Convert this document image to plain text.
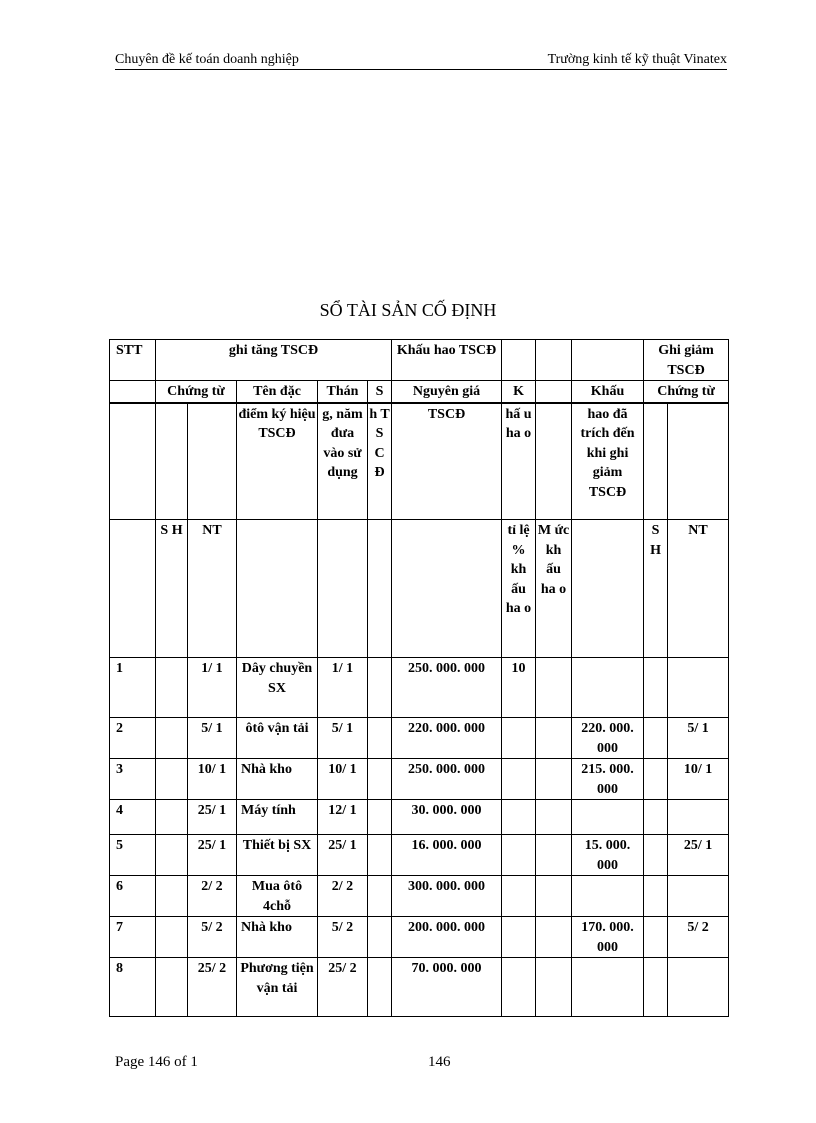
Chuyên đề kế toán doanh nghiệp	Trường kinh tế kỹ thuật Vinatex
SỔ TÀI SẢN CỐ ĐỊNH
STT	ghi tăng TSCĐ					Khấu hao TSCĐ				Ghi giảm TSCĐ	
	Chứng từ		Tên đặc	Thán	S	Nguyên giá	K		Khấu	Chứng từ	
			điểm ký hiệu TSCĐ	g, năm đưa vào sử dụng	h T S C Đ	TSCĐ	hấ u ha o		hao đã trích đến khi ghi giảm TSCĐ		
	S H	NT					tỉ lệ % kh ấu ha o	M ức kh ấu ha o		S H	NT
1		1/ 1	Dây chuyền SX	1/ 1		250. 000. 000	10				
2		5/ 1	ôtô vận tải	5/ 1		220. 000. 000			220. 000. 000		5/ 1
3		10/ 1	Nhà kho	10/ 1		250. 000. 000			215. 000. 000		10/ 1
4		25/ 1	Máy tính	12/ 1		30. 000. 000					
5		25/ 1	Thiết bị SX	25/ 1		16. 000. 000			15. 000. 000		25/ 1
6		2/ 2	Mua ôtô 4chỗ	2/ 2		300. 000. 000					
7		5/ 2	Nhà kho	5/ 2		200. 000. 000			170. 000. 000		5/ 2
8		25/ 2	Phương tiện vận tải	25/ 2		70. 000. 000					
Page 146 of 1	146
